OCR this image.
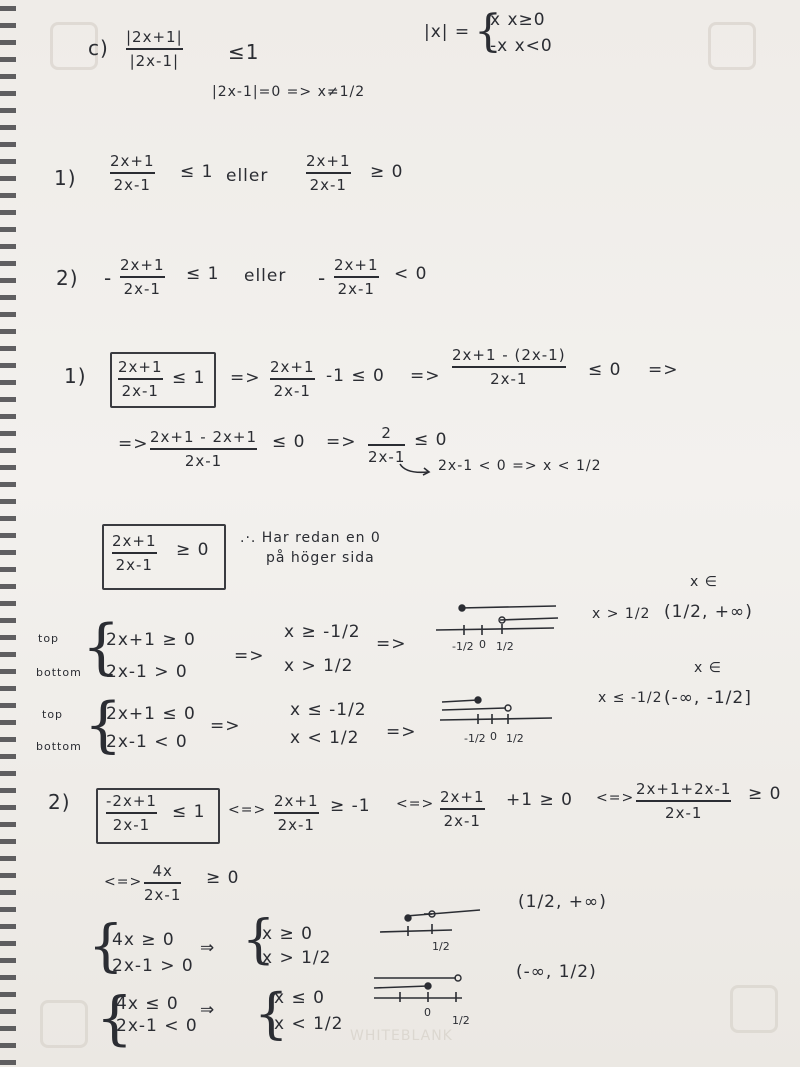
WHITEBLANK
c) |2x+1|
|2x-1| ≤1
|2x-1|=0 => x≠1/2
|x| = {
x x≥0
-x x<0
1)
2x+1
2x-1
≤ 1 eller
2x+1
2x-1
≥ 0
2) -
2x+1
2x-1
≤ 1 eller -
2x+1
2x-1
< 0
1) 2x+1
2x-1
≤ 1 =>
2x+1
2x-1
-1 ≤ 0 =>
2x+1 - (2x-1)
2x-1	≤ 0 =>
=> 2x+1 - 2x+1
2x-1
≤ 0 => 2
2x-1
≤ 0
2x-1 < 0 => x < 1/2
2x+1
2x-1
≥ 0
.·. Har redan en 0
på höger sida
top
bottom {
2x+1 ≥ 0
2x-1 > 0
=>
x ≥ -1/2
x > 1/2
=>	-1/2 0 1/2
x ∈
x > 1/2 (1/2, +∞)
top
bottom {
2x+1 ≤ 0
2x-1 < 0
=>
x ≤ -1/2
x < 1/2 =>	-1/2 0 1/2
x ∈
x ≤ -1/2 (-∞, -1/2]
2) -2x+1
2x-1
≤ 1 <=> 2x+1
2x-1
≥ -1 <=> 2x+1
2x-1
+1 ≥ 0 <=> 2x+1+2x-1
2x-1
≥ 0
<=>
4x
2x-1
≥ 0
{
4x ≥ 0
2x-1 > 0
⇒ {
x ≥ 0
x > 1/2
1/2
(1/2, +∞)
{
4x ≤ 0
2x-1 < 0
⇒ {
x ≤ 0
x < 1/2
0
1/2
(-∞, 1/2)
